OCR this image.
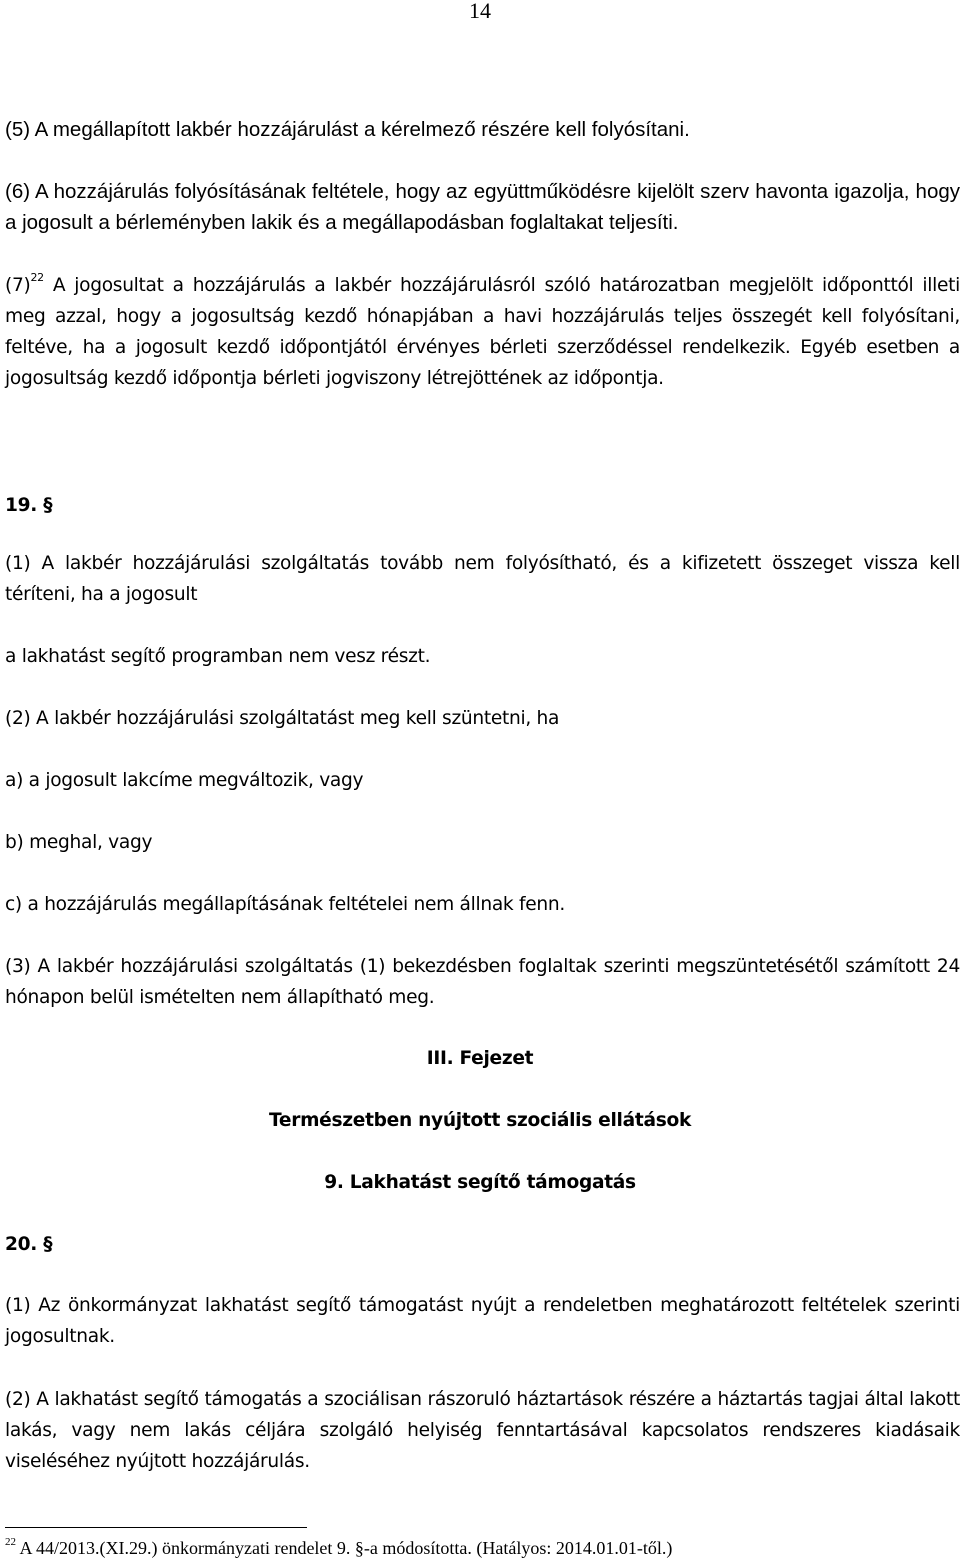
14
(5) A megállapított lakbér hozzájárulást a kérelmező részére kell folyósítani.
(6) A hozzájárulás folyósításának feltétele, hogy az együttműködésre kijelölt szerv havonta igazolja, hogy a jogosult a bérleményben lakik és a megállapodásban foglaltakat teljesíti.
$(7)^{22}$ A jogosultat a hozzájárulás a lakbér hozzájárulásról szóló határozatban megjelölt időponttól illeti meg azzal, hogy a jogosultság kezdő hónapjában a havi hozzájárulás teljes összegét kell folyósítani, feltéve, ha a jogosult kezdő időpontjától érvényes bérleti szerződéssel rendelkezik. Egyéb esetben a jogosultság kezdő időpontja bérleti jogviszony létrejöttének az időpontja.
19. §
(1) A lakbér hozzájárulási szolgáltatás tovább nem folyósítható, és a kifizetett összeget vissza kell téríteni, ha a jogosult
a lakhatást segítő programban nem vesz részt.
(2) A lakbér hozzájárulási szolgáltatást meg kell szüntetni, ha
a) a jogosult lakcíme megváltozik, vagy
b) meghal, vagy
c) a hozzájárulás megállapításának feltételei nem állnak fenn.
(3) A lakbér hozzájárulási szolgáltatás (1) bekezdésben foglaltak szerinti megszüntetésétől számított 24 hónapon belül ismételten nem állapítható meg.
III. Fejezet
Természetben nyújtott szociális ellátások
9. Lakhatást segítő támogatás
20. §
(1) Az önkormányzat lakhatást segítő támogatást nyújt a rendeletben meghatározott feltételek szerinti jogosultnak.
(2) A lakhatást segítő támogatás a szociálisan rászoruló háztartások részére a háztartás tagjai által lakott lakás, vagy nem lakás céljára szolgáló helyiség fenntartásával kapcsolatos rendszeres kiadásaik viseléséhez nyújtott hozzájárulás.
$^{22}$ A 44/2013.(XI.29.) önkormányzati rendelet 9. §-a módosította. (Hatályos: 2014.01.01-től.)
